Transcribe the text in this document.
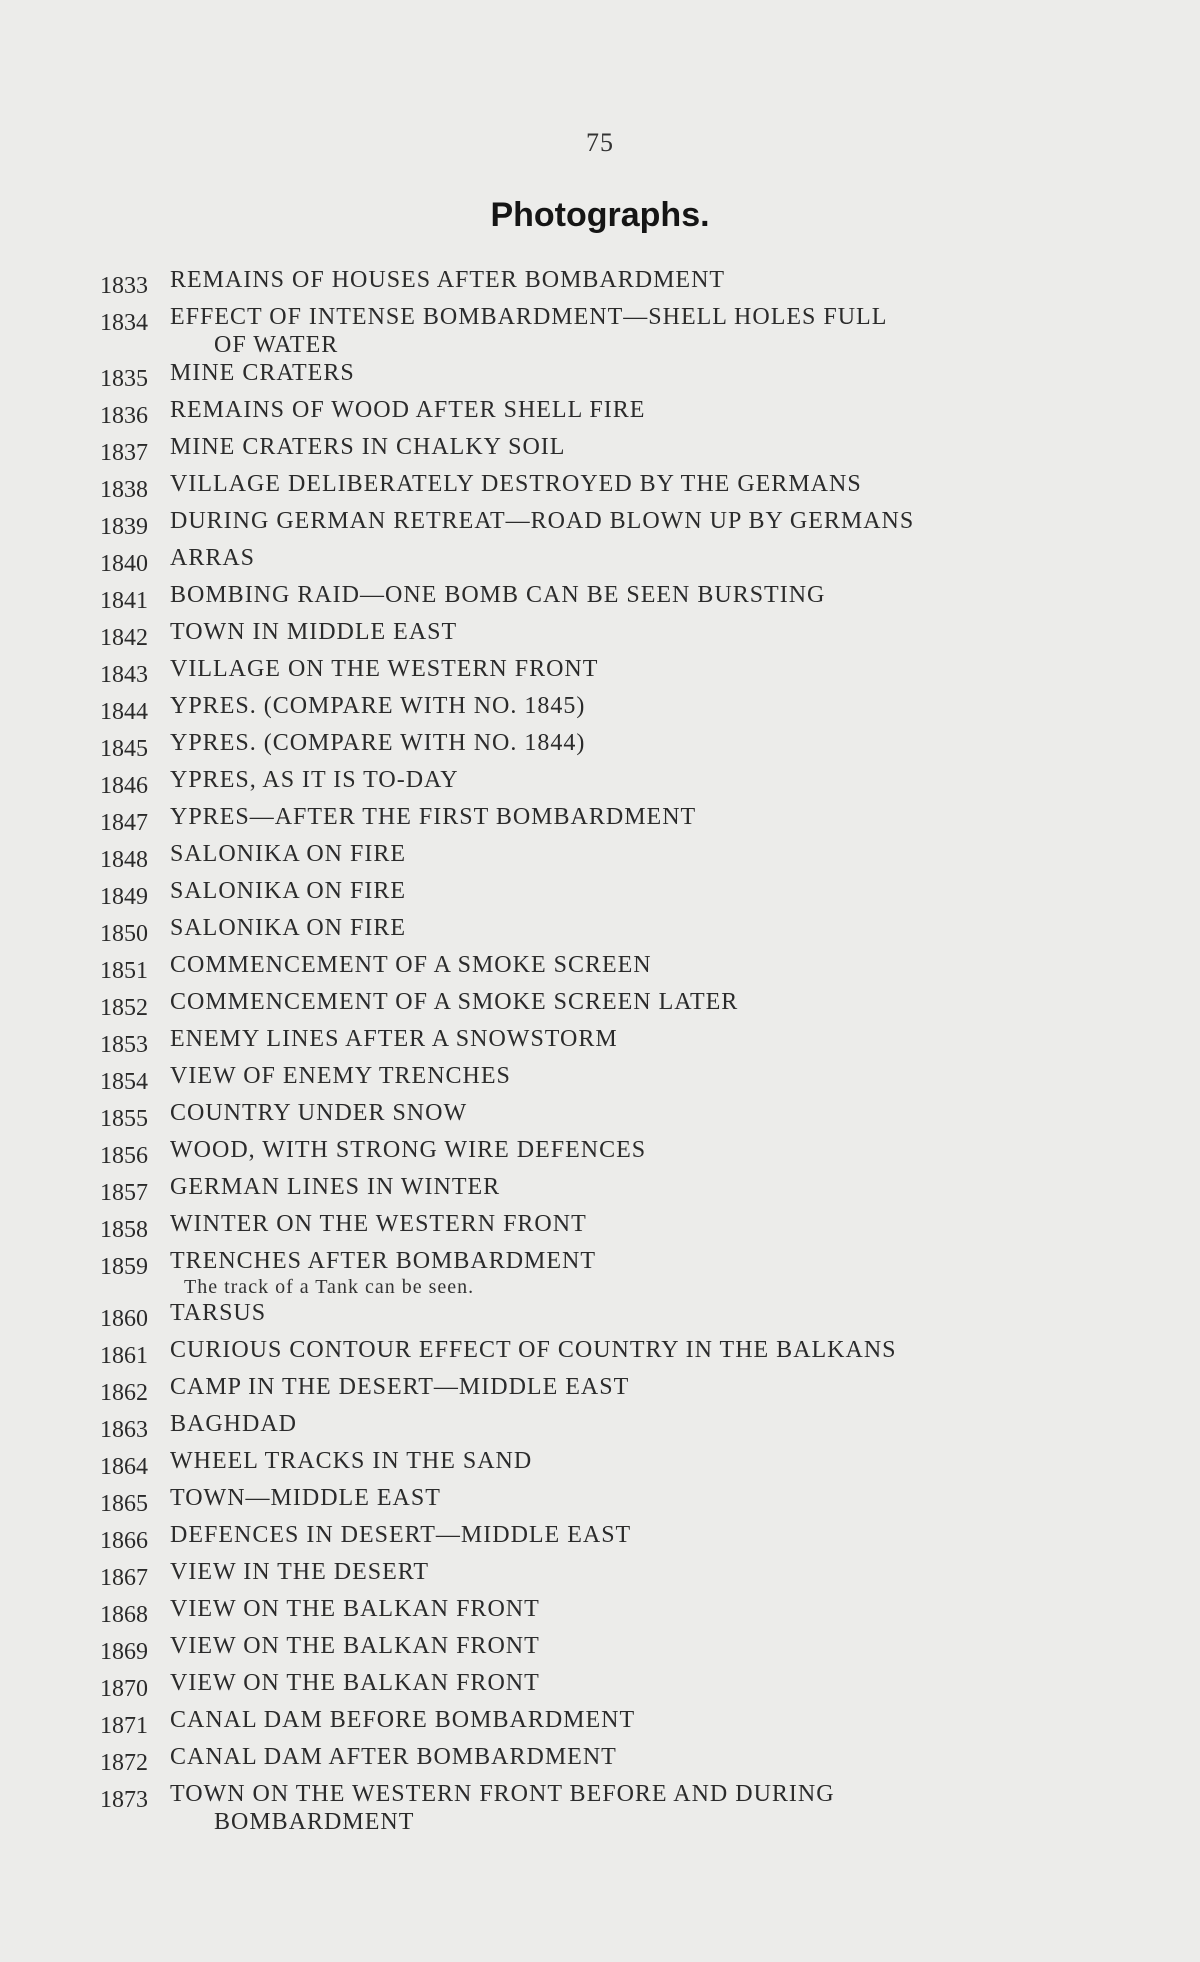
75
Photographs.
1833 REMAINS OF HOUSES AFTER BOMBARDMENT
1834 EFFECT OF INTENSE BOMBARDMENT—SHELL HOLES FULL
OF WATER
1835 MINE CRATERS
1836 REMAINS OF WOOD AFTER SHELL FIRE
1837 MINE CRATERS IN CHALKY SOIL
1838 VILLAGE DELIBERATELY DESTROYED BY THE GERMANS
1839 DURING GERMAN RETREAT—ROAD BLOWN UP BY GERMANS
1840 ARRAS
1841 BOMBING RAID—ONE BOMB CAN BE SEEN BURSTING
1842 TOWN IN MIDDLE EAST
1843 VILLAGE ON THE WESTERN FRONT
1844 YPRES. (COMPARE WITH NO. 1845)
1845 YPRES. (COMPARE WITH NO. 1844)
1846 YPRES, AS IT IS TO-DAY
1847 YPRES—AFTER THE FIRST BOMBARDMENT
1848 SALONIKA ON FIRE
1849 SALONIKA ON FIRE
1850 SALONIKA ON FIRE
1851 COMMENCEMENT OF A SMOKE SCREEN
1852 COMMENCEMENT OF A SMOKE SCREEN LATER
1853 ENEMY LINES AFTER A SNOWSTORM
1854 VIEW OF ENEMY TRENCHES
1855 COUNTRY UNDER SNOW
1856 WOOD, WITH STRONG WIRE DEFENCES
1857 GERMAN LINES IN WINTER
1858 WINTER ON THE WESTERN FRONT
1859 TRENCHES AFTER BOMBARDMENT
The track of a Tank can be seen.
1860 TARSUS
1861 CURIOUS CONTOUR EFFECT OF COUNTRY IN THE BALKANS
1862 CAMP IN THE DESERT—MIDDLE EAST
1863 BAGHDAD
1864 WHEEL TRACKS IN THE SAND
1865 TOWN—MIDDLE EAST
1866 DEFENCES IN DESERT—MIDDLE EAST
1867 VIEW IN THE DESERT
1868 VIEW ON THE BALKAN FRONT
1869 VIEW ON THE BALKAN FRONT
1870 VIEW ON THE BALKAN FRONT
1871 CANAL DAM BEFORE BOMBARDMENT
1872 CANAL DAM AFTER BOMBARDMENT
1873 TOWN ON THE WESTERN FRONT BEFORE AND DURING
BOMBARDMENT
